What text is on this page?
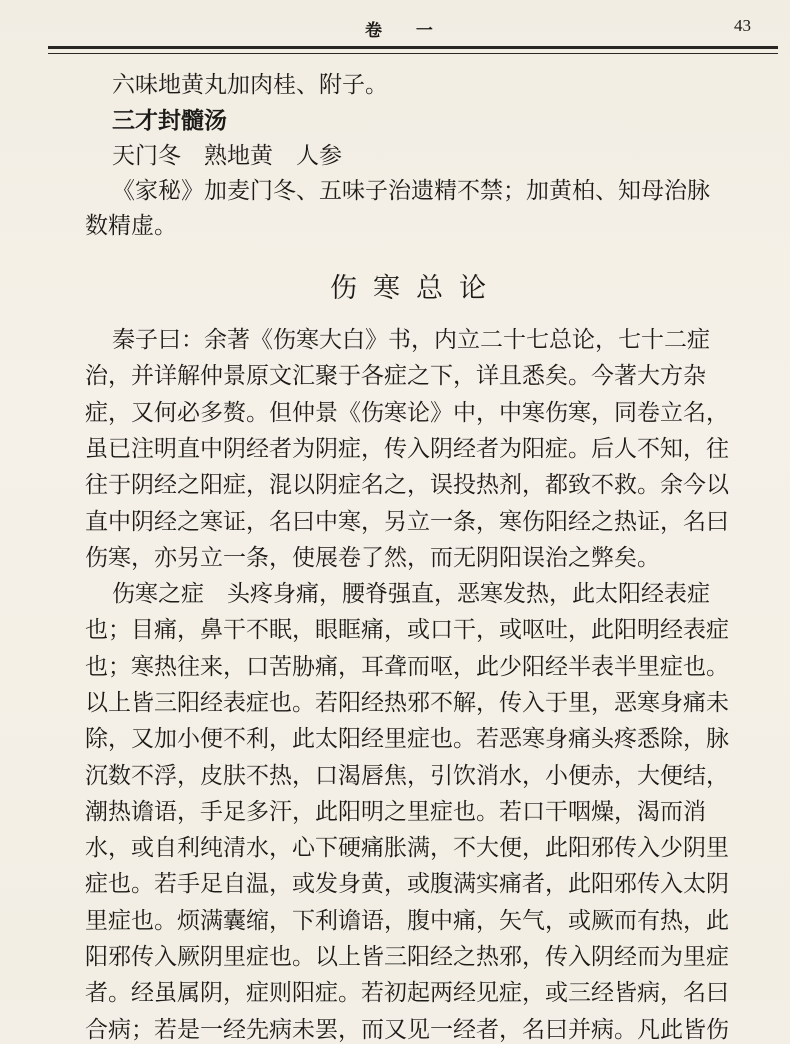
卷 一	43
六味地黄丸加肉桂、附子。
三才封髓汤
天门冬　熟地黄　人参
《家秘》加麦门冬、五味子治遗精不禁；加黄柏、知母治脉
数精虚。
伤寒总论
秦子曰：余著《伤寒大白》书，内立二十七总论，七十二症
治，并详解仲景原文汇聚于各症之下，详且悉矣。今著大方杂
症，又何必多赘。但仲景《伤寒论》中，中寒伤寒，同卷立名，
虽已注明直中阴经者为阴症，传入阴经者为阳症。后人不知，往
往于阴经之阳症，混以阴症名之，误投热剂，都致不救。余今以
直中阴经之寒证，名曰中寒，另立一条，寒伤阳经之热证，名曰
伤寒，亦另立一条，使展卷了然，而无阴阳误治之弊矣。
伤寒之症　头疼身痛，腰脊强直，恶寒发热，此太阳经表症
也；目痛，鼻干不眠，眼眶痛，或口干，或呕吐，此阳明经表症
也；寒热往来，口苦胁痛，耳聋而呕，此少阳经半表半里症也。
以上皆三阳经表症也。若阳经热邪不解，传入于里，恶寒身痛未
除，又加小便不利，此太阳经里症也。若恶寒身痛头疼悉除，脉
沉数不浮，皮肤不热，口渴唇焦，引饮消水，小便赤，大便结，
潮热谵语，手足多汗，此阳明之里症也。若口干咽燥，渴而消
水，或自利纯清水，心下硬痛胀满，不大便，此阳邪传入少阴里
症也。若手足自温，或发身黄，或腹满实痛者，此阳邪传入太阴
里症也。烦满囊缩，下利谵语，腹中痛，矢气，或厥而有热，此
阳邪传入厥阴里症也。以上皆三阳经之热邪，传入阴经而为里症
者。经虽属阴，症则阳症。若初起两经见症，或三经皆病，名曰
合病；若是一经先病未罢，而又见一经者，名曰并病。凡此皆伤
